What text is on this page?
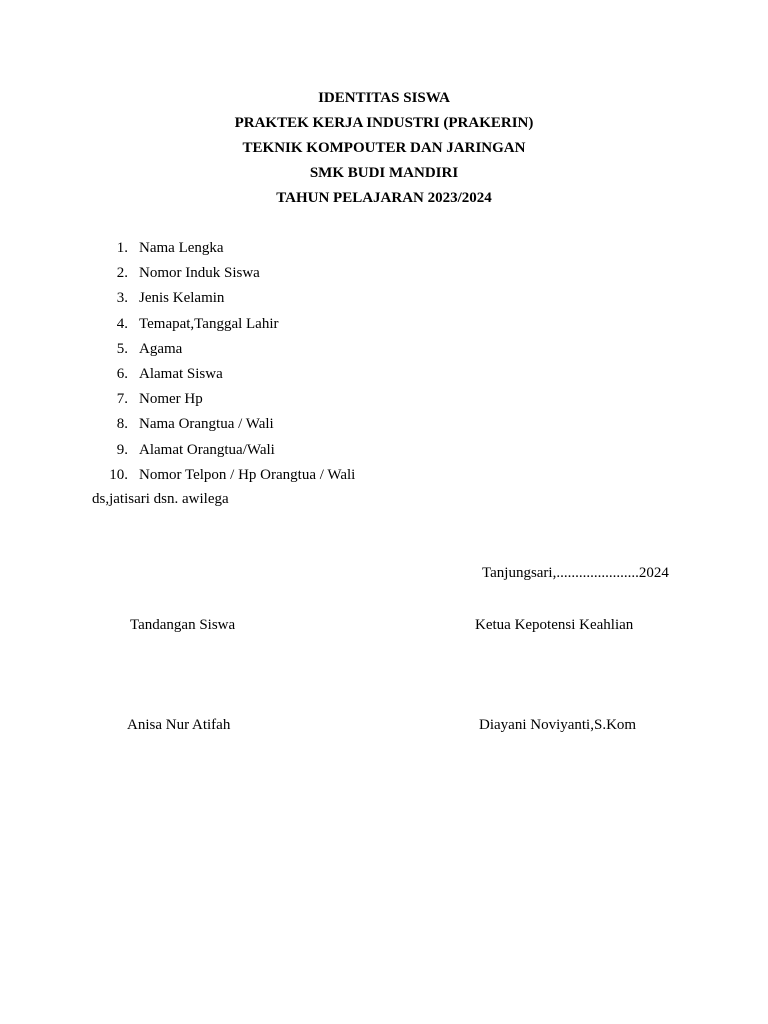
IDENTITAS SISWA
PRAKTEK KERJA INDUSTRI (PRAKERIN)
TEKNIK KOMPOUTER DAN JARINGAN
SMK BUDI MANDIRI
TAHUN PELAJARAN 2023/2024
1. Nama Lengka
2. Nomor Induk Siswa
3. Jenis Kelamin
4. Temapat,Tanggal Lahir
5. Agama
6. Alamat Siswa
7. Nomer Hp
8. Nama Orangtua / Wali
9. Alamat Orangtua/Wali
10. Nomor Telpon / Hp Orangtua / Wali
ds,jatisari dsn. awilega
Tanjungsari,......................2024
Tandangan Siswa	Ketua Kepotensi Keahlian
Anisa Nur Atifah	Diayani Noviyanti,S.Kom
